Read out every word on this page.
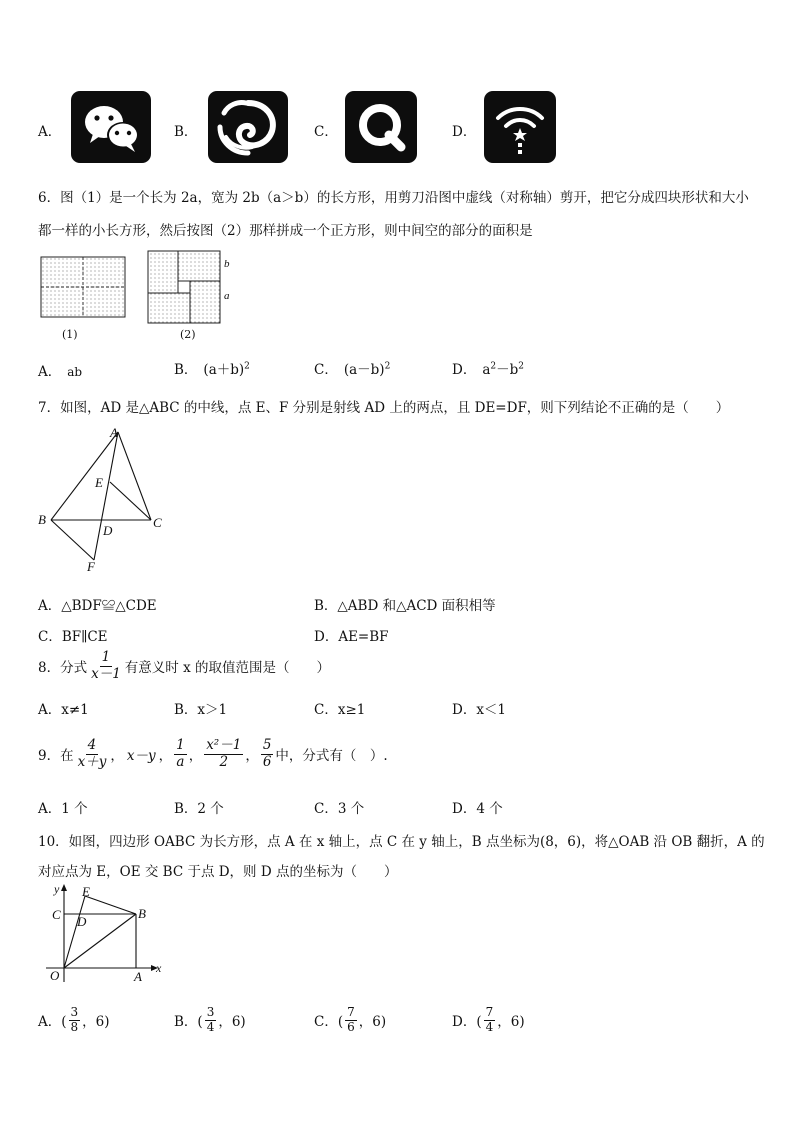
A．	B．	C．	D．
6．图（1）是一个长为 2a，宽为 2b（a＞b）的长方形，用剪刀沿图中虚线（对称轴）剪开，把它分成四块形状和大小
都一样的小长方形，然后按图（2）那样拼成一个正方形，则中间空的部分的面积是
(1)
b
a
(2)
A． ab	B． $(a+b)^2$	C． $(a-b)^2$	D． $a^2-b^2$
7．如图，AD 是△ABC 的中线，点 E、F 分别是射线 AD 上的两点，且 DE=DF，则下列结论不正确的是（　　）
A
E
B	C
D
F
A．△BDF≌△CDE	B．△ABD 和△ACD 面积相等
C．BF∥CE	D．AE=BF
8．分式 $\frac{1}{x-1}$ 有意义时 x 的取值范围是（　　）
A．x≠1	B．x＞1	C．x≥1	D．x＜1
9．在 $\frac{4}{x+y}$ ， x－y ， $\frac{1}{a}$ ， $\frac{\text{x²－1}}{2}$ ， $\frac{5}{6}$ 中，分式有（　）.
A．1 个	B．2 个	C．3 个	D．4 个
10．如图，四边形 OABC 为长方形，点 A 在 x 轴上，点 C 在 y 轴上，B 点坐标为(8，6)，将△OAB 沿 OB 翻折，A 的
对应点为 E，OE 交 BC 于点 D，则 D 点的坐标为（　　）
y E
C D
B
O	A
x
A．( $\frac{3}{8}$ ，6)	B．( $\frac{3}{4}$ ，6)	C．( $\frac{7}{6}$ ，6)	D．( $\frac{7}{4}$ ，6)
